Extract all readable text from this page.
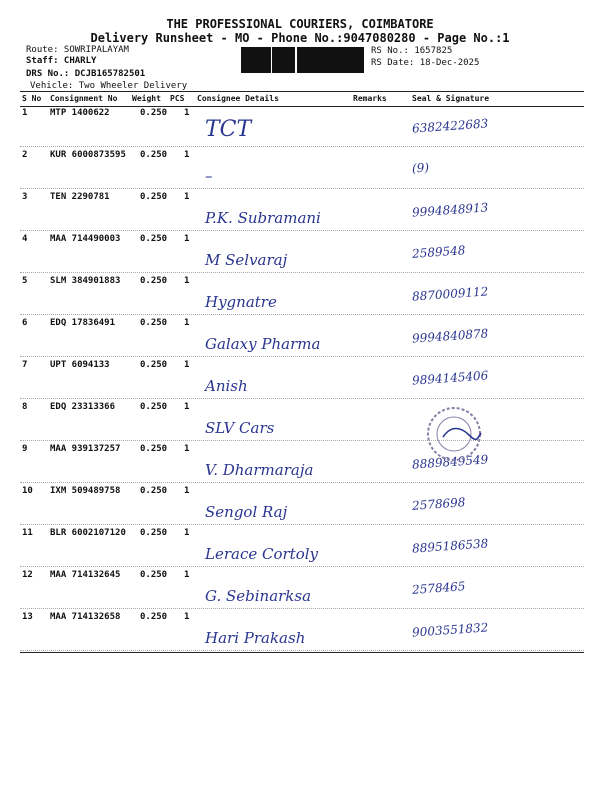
THE PROFESSIONAL COURIERS, COIMBATORE
Delivery Runsheet - MO - Phone No.:9047080280 - Page No.:1
Route: SOWRIPALAYAM
Staff: CHARLY
DRS No.: DCJB165782501
Vehicle: Two Wheeler Delivery
RS No.: 1657825
RS Date: 18-Dec-2025
S No Consignment No Weight PCS Consignee Details	Remarks	Seal & Signature
1	MTP 1400622	0.250 1
TCT	6382422683
2	KUR 6000873595 0.250 1
–	(9)
3	TEN 2290781	0.250 1
P.K. Subramani	9994848913
4	MAA 714490003 0.250 1
M Selvaraj	2589548
5	SLM 384901883 0.250 1
Hygnatre	8870009112
6	EDQ 17836491	0.250 1
Galaxy Pharma	9994840878
7	UPT 6094133	0.250 1
Anish	9894145406
8	EDQ 23313366	0.250 1
SLV Cars
9	MAA 939137257 0.250 1
V. Dharmaraja	8889849549
10 IXM 509489758 0.250 1
Sengol Raj	2578698
11 BLR 6002107120 0.250 1
Lerace Cortoly	8895186538
12 MAA 714132645 0.250 1
G. Sebinarksa	2578465
13 MAA 714132658 0.250 1
Hari Prakash	9003551832
